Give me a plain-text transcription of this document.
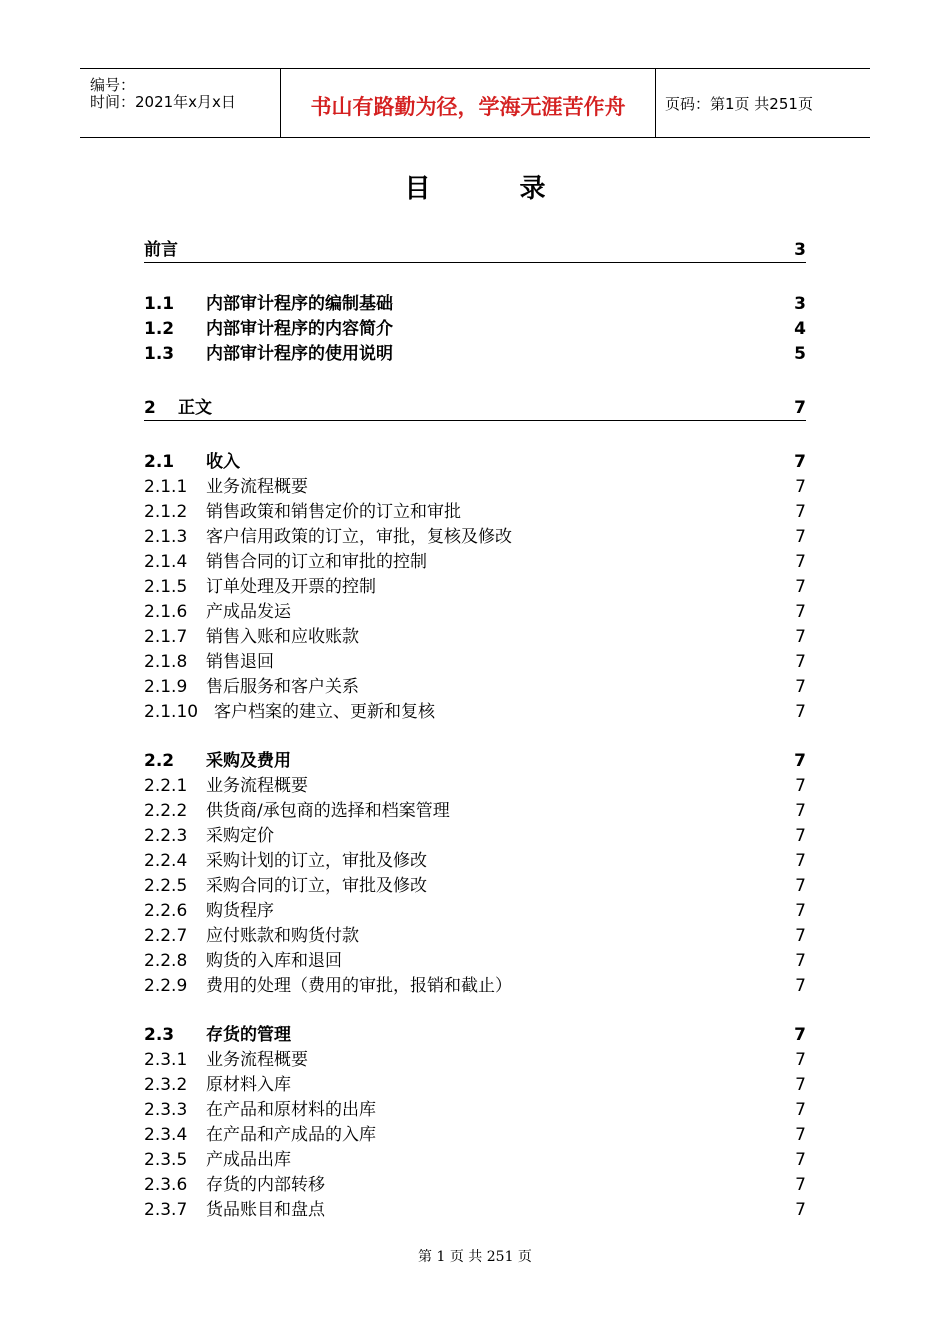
编号：
时间：2021年x月x日	书山有路勤为径，学海无涯苦作舟	页码：第1页 共251页
目 录
前言	3
1.1 内部审计程序的编制基础	3
1.2 内部审计程序的内容简介	4
1.3 内部审计程序的使用说明	5
2 正文	7
2.1 收入	7
2.1.1 业务流程概要	7
2.1.2 销售政策和销售定价的订立和审批	7
2.1.3 客户信用政策的订立，审批，复核及修改	7
2.1.4 销售合同的订立和审批的控制	7
2.1.5 订单处理及开票的控制	7
2.1.6 产成品发运	7
2.1.7 销售入账和应收账款	7
2.1.8 销售退回	7
2.1.9 售后服务和客户关系	7
2.1.10 客户档案的建立、更新和复核	7
2.2 采购及费用	7
2.2.1 业务流程概要	7
2.2.2 供货商/承包商的选择和档案管理	7
2.2.3 采购定价	7
2.2.4 采购计划的订立，审批及修改	7
2.2.5 采购合同的订立，审批及修改	7
2.2.6 购货程序	7
2.2.7 应付账款和购货付款	7
2.2.8 购货的入库和退回	7
2.2.9 费用的处理（费用的审批，报销和截止）	7
2.3 存货的管理	7
2.3.1 业务流程概要	7
2.3.2 原材料入库	7
2.3.3 在产品和原材料的出库	7
2.3.4 在产品和产成品的入库	7
2.3.5 产成品出库	7
2.3.6 存货的内部转移	7
2.3.7 货品账目和盘点	7
第 1 页 共 251 页
